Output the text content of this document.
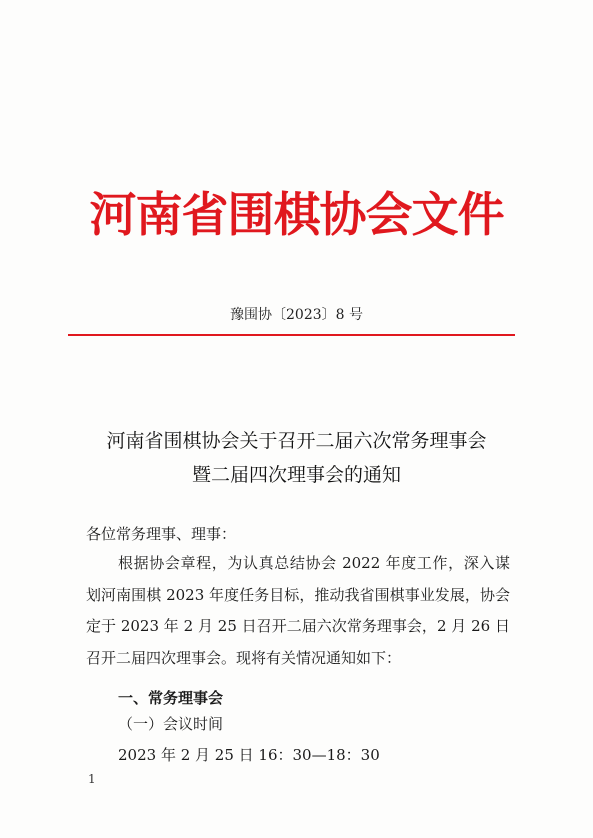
河南省围棋协会文件
豫围协〔2023〕8 号
河南省围棋协会关于召开二届六次常务理事会
暨二届四次理事会的通知
各位常务理事、理事：
根据协会章程，为认真总结协会 2022 年度工作，深入谋划河南围棋 2023 年度任务目标，推动我省围棋事业发展，协会定于 2023 年 2 月 25 日召开二届六次常务理事会，2 月 26 日召开二届四次理事会。现将有关情况通知如下：
一、常务理事会
（一）会议时间
2023 年 2 月 25 日 16：30—18：30
1
